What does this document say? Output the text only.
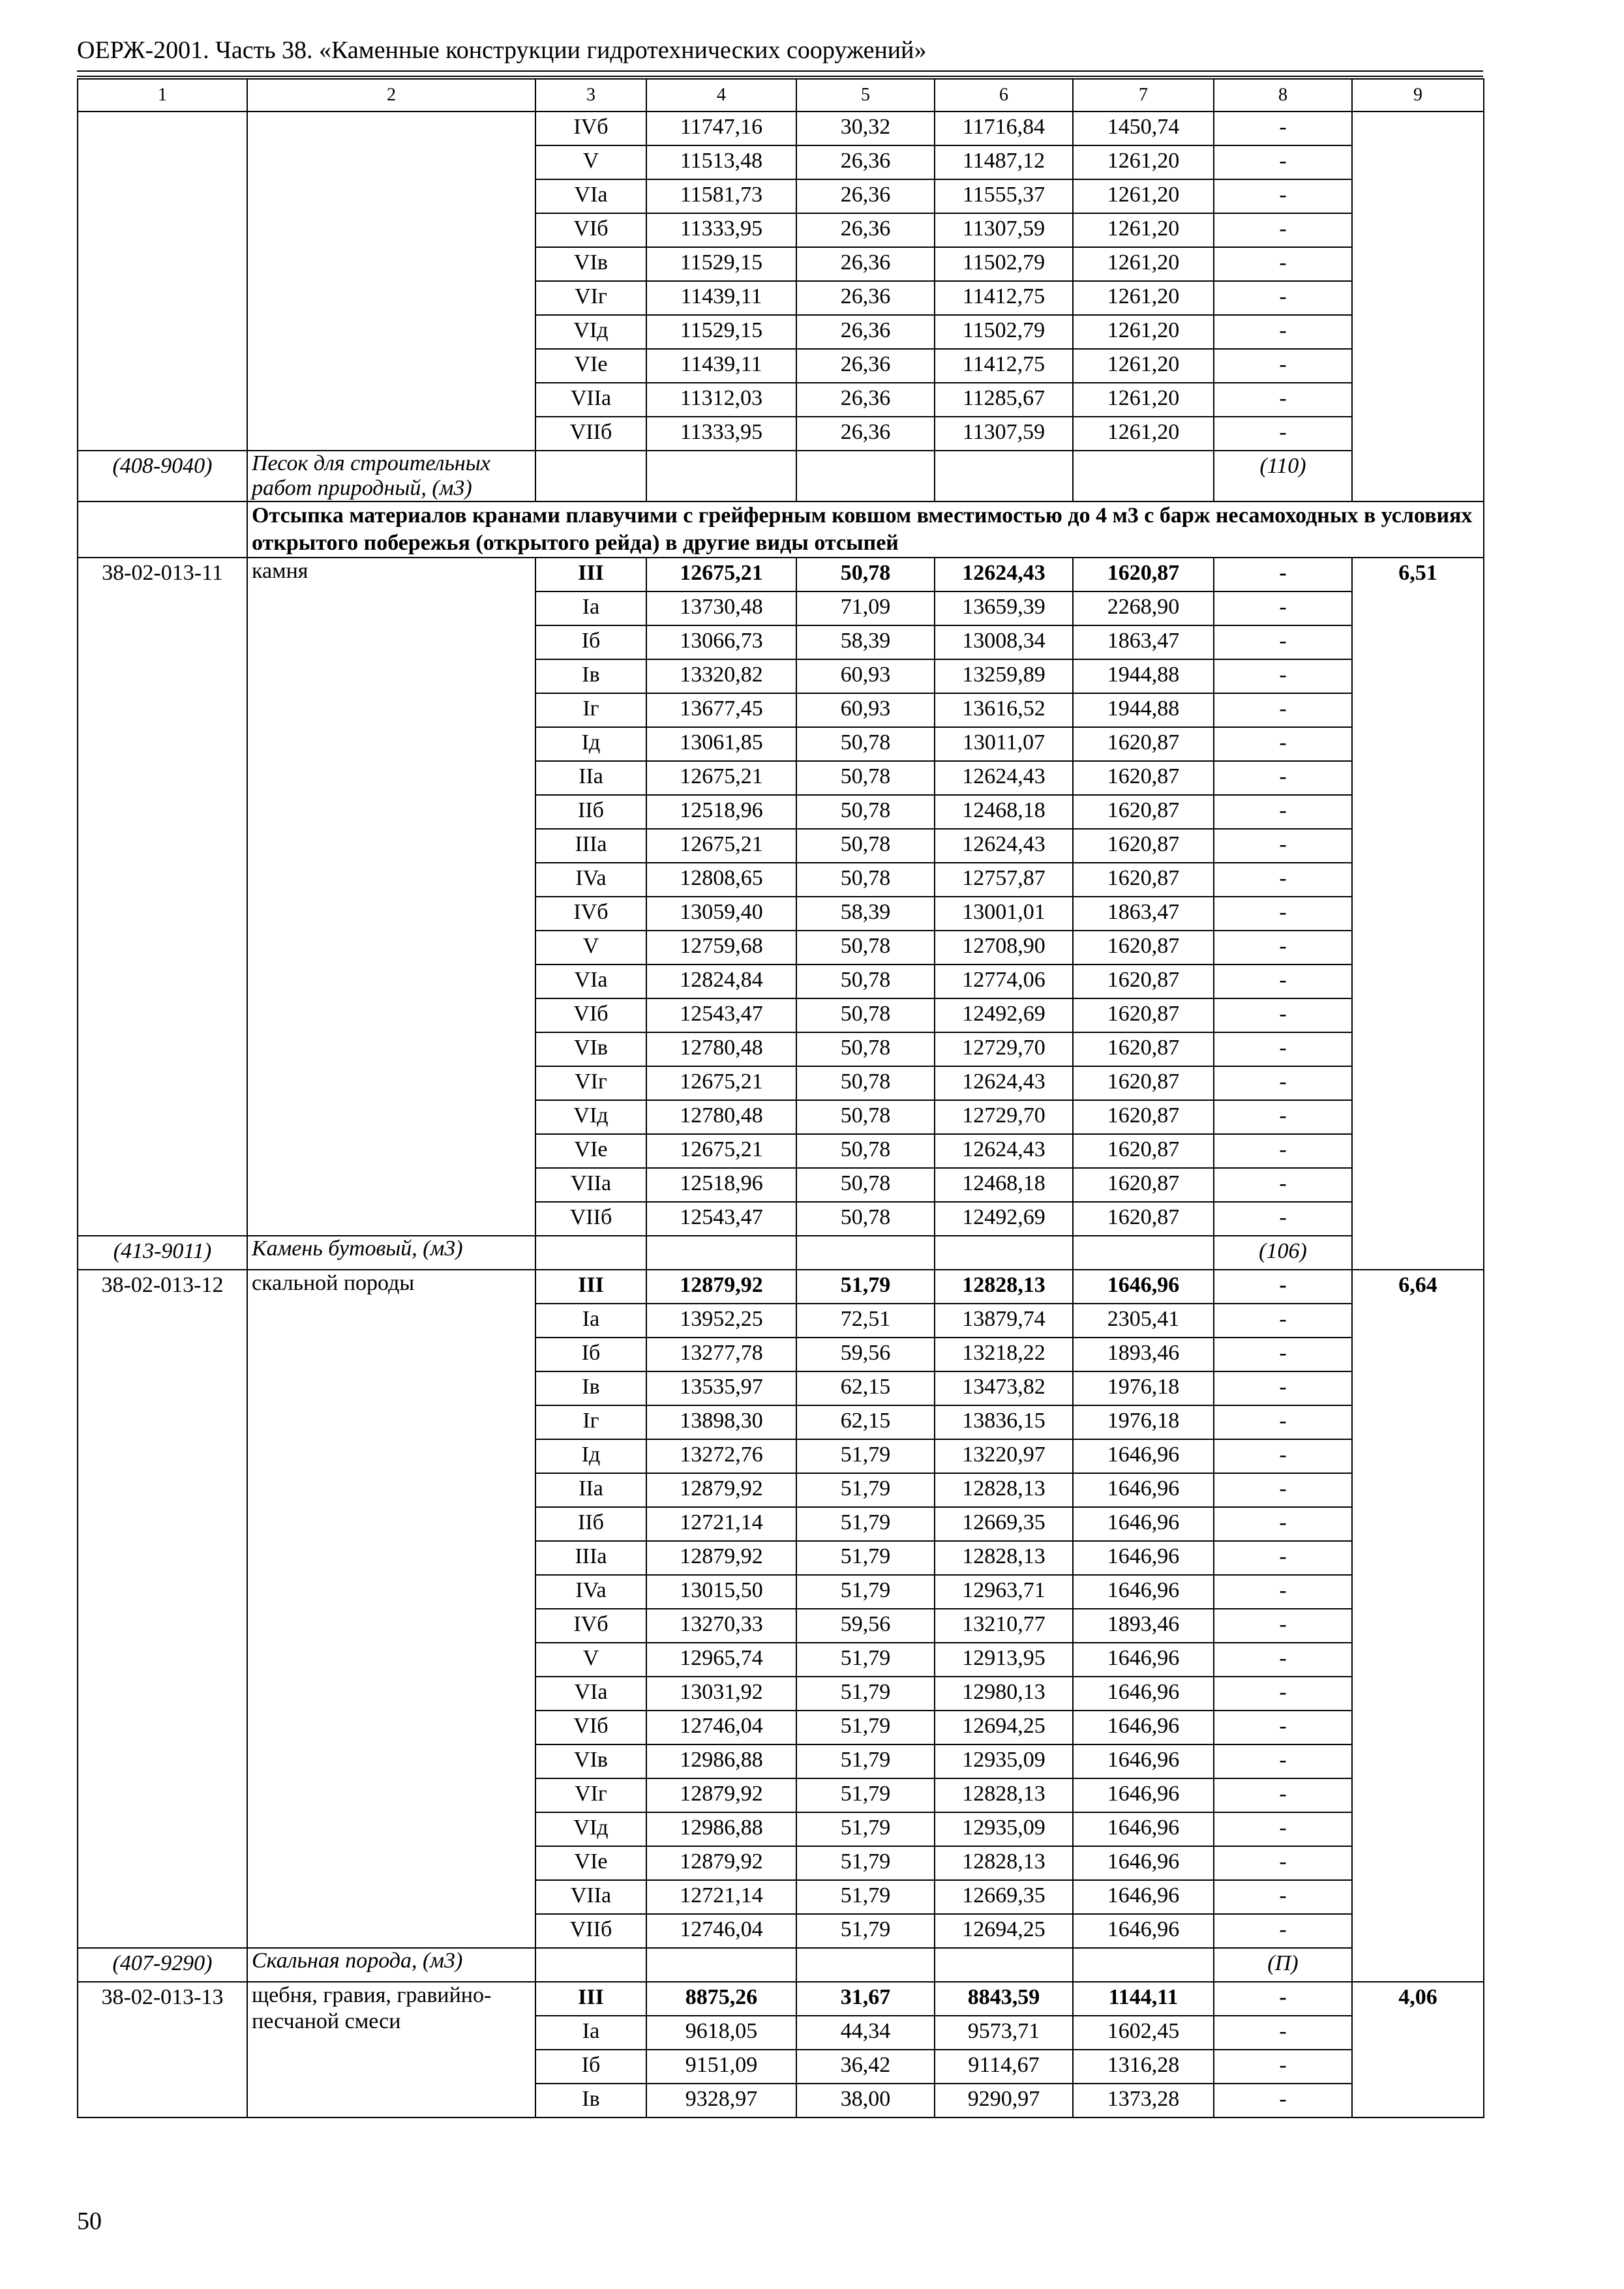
ОЕРЖ-2001. Часть 38. «Каменные конструкции гидротехнических сооружений»
1	2	3	4	5	6	7	8	9
		IVб	11747,16	30,32	11716,84	1450,74	-	
		V	11513,48	26,36	11487,12	1261,20	-	
		VIa	11581,73	26,36	11555,37	1261,20	-	
		VIб	11333,95	26,36	11307,59	1261,20	-	
		VIв	11529,15	26,36	11502,79	1261,20	-	
		VIг	11439,11	26,36	11412,75	1261,20	-	
		VIд	11529,15	26,36	11502,79	1261,20	-	
		VIe	11439,11	26,36	11412,75	1261,20	-	
		VIIa	11312,03	26,36	11285,67	1261,20	-	
		VIIб	11333,95	26,36	11307,59	1261,20	-	
(408-9040)	Песок для строительных работ природный, (м3)						(110)	
	Отсыпка материалов кранами плавучими с грейферным ковшом вместимостью до 4 м3 с барж несамоходных в условиях открытого побережья (открытого рейда) в другие виды отсыпей							
38-02-013-11	камня	III	12675,21	50,78	12624,43	1620,87	-	6,51
		Ia	13730,48	71,09	13659,39	2268,90	-	
		Iб	13066,73	58,39	13008,34	1863,47	-	
		Iв	13320,82	60,93	13259,89	1944,88	-	
		Iг	13677,45	60,93	13616,52	1944,88	-	
		Iд	13061,85	50,78	13011,07	1620,87	-	
		IIa	12675,21	50,78	12624,43	1620,87	-	
		IIб	12518,96	50,78	12468,18	1620,87	-	
		IIIa	12675,21	50,78	12624,43	1620,87	-	
		IVa	12808,65	50,78	12757,87	1620,87	-	
		IVб	13059,40	58,39	13001,01	1863,47	-	
		V	12759,68	50,78	12708,90	1620,87	-	
		VIa	12824,84	50,78	12774,06	1620,87	-	
		VIб	12543,47	50,78	12492,69	1620,87	-	
		VIв	12780,48	50,78	12729,70	1620,87	-	
		VIг	12675,21	50,78	12624,43	1620,87	-	
		VIд	12780,48	50,78	12729,70	1620,87	-	
		VIe	12675,21	50,78	12624,43	1620,87	-	
		VIIa	12518,96	50,78	12468,18	1620,87	-	
		VIIб	12543,47	50,78	12492,69	1620,87	-	
(413-9011)	Камень бутовый, (м3)						(106)	
38-02-013-12	скальной породы	III	12879,92	51,79	12828,13	1646,96	-	6,64
		Ia	13952,25	72,51	13879,74	2305,41	-	
		Iб	13277,78	59,56	13218,22	1893,46	-	
		Iв	13535,97	62,15	13473,82	1976,18	-	
		Iг	13898,30	62,15	13836,15	1976,18	-	
		Iд	13272,76	51,79	13220,97	1646,96	-	
		IIa	12879,92	51,79	12828,13	1646,96	-	
		IIб	12721,14	51,79	12669,35	1646,96	-	
		IIIa	12879,92	51,79	12828,13	1646,96	-	
		IVa	13015,50	51,79	12963,71	1646,96	-	
		IVб	13270,33	59,56	13210,77	1893,46	-	
		V	12965,74	51,79	12913,95	1646,96	-	
		VIa	13031,92	51,79	12980,13	1646,96	-	
		VIб	12746,04	51,79	12694,25	1646,96	-	
		VIв	12986,88	51,79	12935,09	1646,96	-	
		VIг	12879,92	51,79	12828,13	1646,96	-	
		VIд	12986,88	51,79	12935,09	1646,96	-	
		VIe	12879,92	51,79	12828,13	1646,96	-	
		VIIa	12721,14	51,79	12669,35	1646,96	-	
		VIIб	12746,04	51,79	12694,25	1646,96	-	
(407-9290)	Скальная порода, (м3)						(П)	
38-02-013-13	щебня, гравия, гравийно-песчаной смеси	III	8875,26	31,67	8843,59	1144,11	-	4,06
		Ia	9618,05	44,34	9573,71	1602,45	-	
		Iб	9151,09	36,42	9114,67	1316,28	-	
		Iв	9328,97	38,00	9290,97	1373,28	-	
50
